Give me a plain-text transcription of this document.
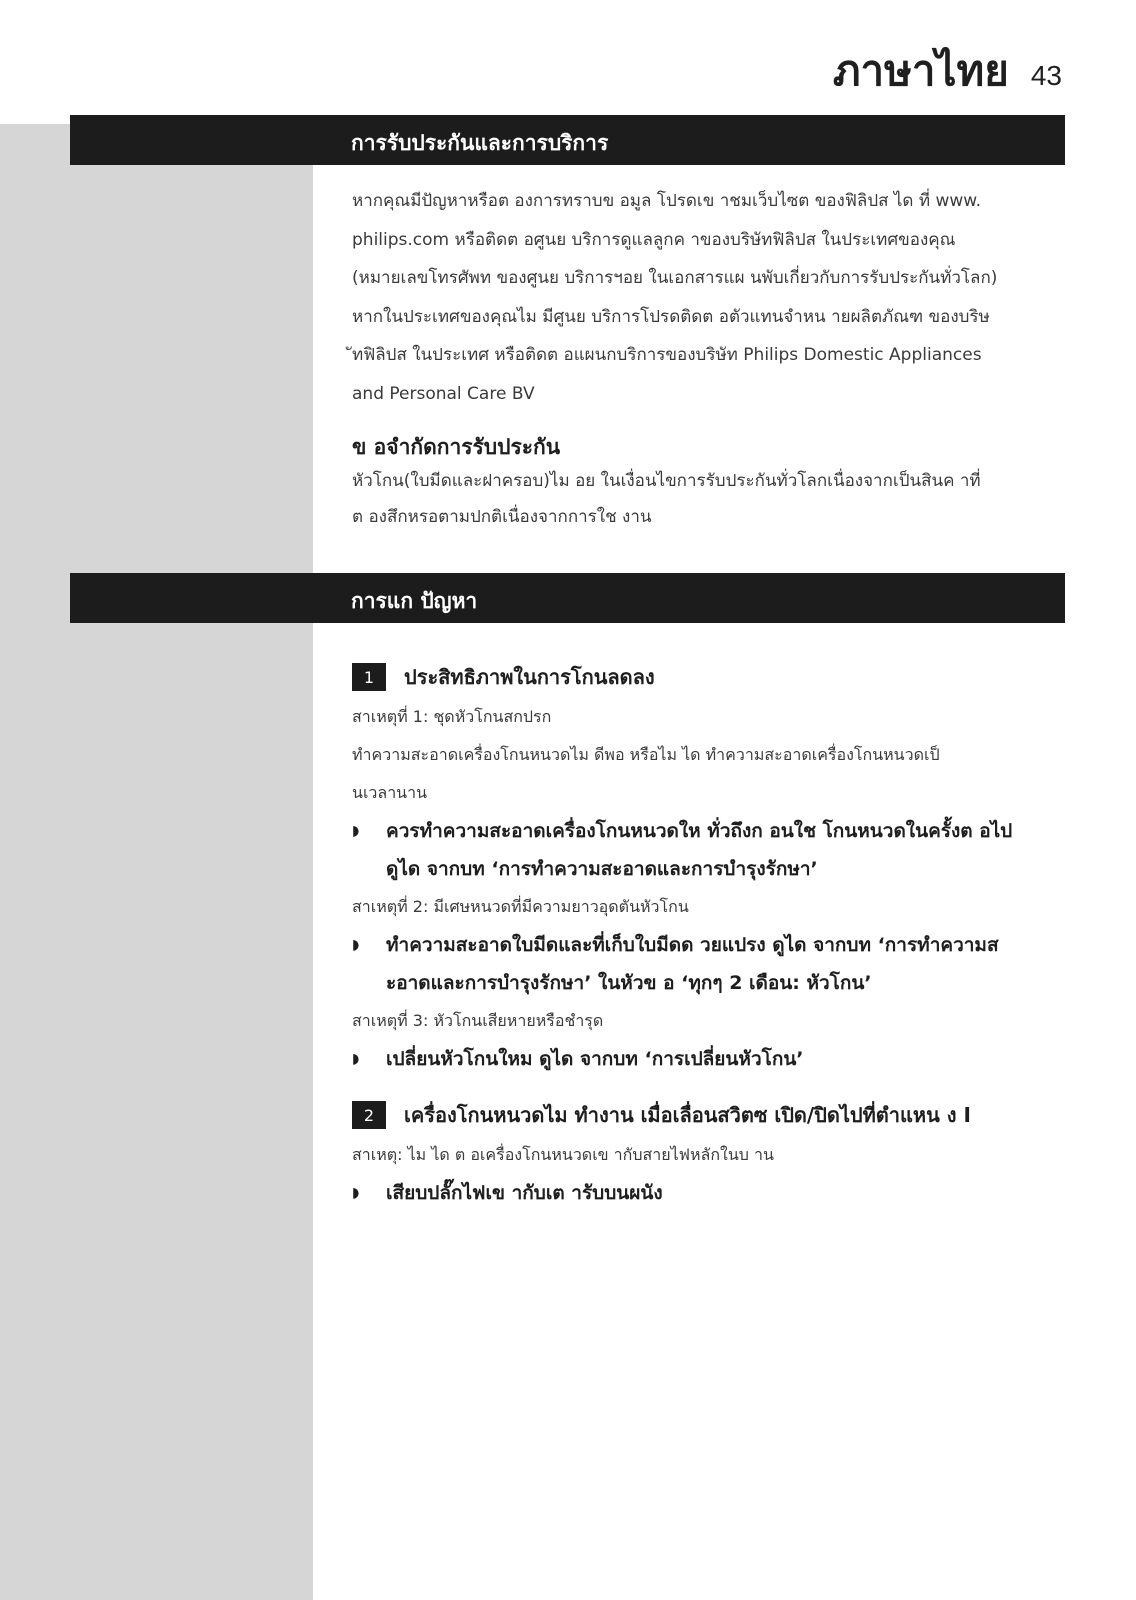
ภาษาไทย 43
การรับประกันและการบริการ

หากคุณมีปัญหาหรือต องการทราบข อมูล โปรดเข าชมเว็บไซต ของฟิลิปส ได ที่ www.
philips.com หรือติดต อศูนย บริการดูแลลูกค าของบริษัทฟิลิปส ในประเทศของคุณ
(หมายเลขโทรศัพท ของศูนย บริการฯอย ในเอกสารแผ นพับเกี่ยวกับการรับประกันทั่วโลก)
หากในประเทศของคุณไม มีศูนย บริการโปรดติดต อตัวแทนจำหน ายผลิตภัณฑ ของบริษ
ัทฟิลิปส ในประเทศ หรือติดต อแผนกบริการของบริษัท Philips Domestic Appliances
and Personal Care BV

ข อจำกัดการรับประกัน

หัวโกน(ใบมีดและฝาครอบ)ไม อย ในเงื่อนไขการรับประกันทั่วโลกเนื่องจากเป็นสินค าที่
ต องสึกหรอตามปกติเนื่องจากการใช งาน

การแก ปัญหา
1	ประสิทธิภาพในการโกนลดลง

สาเหตุที่ 1: ชุดหัวโกนสกปรก

ทำความสะอาดเครื่องโกนหนวดไม ดีพอ หรือไม ได ทำความสะอาดเครื่องโกนหนวดเป็
นเวลานาน

◗	ควรทำความสะอาดเครื่องโกนหนวดให ทั่วถึงก อนใช โกนหนวดในครั้งต อไป
ดูได จากบท ‘การทำความสะอาดและการบำรุงรักษา’

สาเหตุที่ 2: มีเศษหนวดที่มีความยาวอุดตันหัวโกน

◗	ทำความสะอาดใบมีดและที่เก็บใบมีดด วยแปรง ดูได จากบท ‘การทำความส
ะอาดและการบำรุงรักษา’ ในหัวข อ ‘ทุกๆ 2 เดือน: หัวโกน’

สาเหตุที่ 3: หัวโกนเสียหายหรือชำรุด

◗	เปลี่ยนหัวโกนใหม ดูได จากบท ‘การเปลี่ยนหัวโกน’
2	เครื่องโกนหนวดไม ทำงาน เมื่อเลื่อนสวิตซ เปิด/ปิดไปที่ตำแหน ง I

สาเหตุ: ไม ได ต อเครื่องโกนหนวดเข ากับสายไฟหลักในบ าน

◗	เสียบปลั๊กไฟเข ากับเต ารับบนผนัง
